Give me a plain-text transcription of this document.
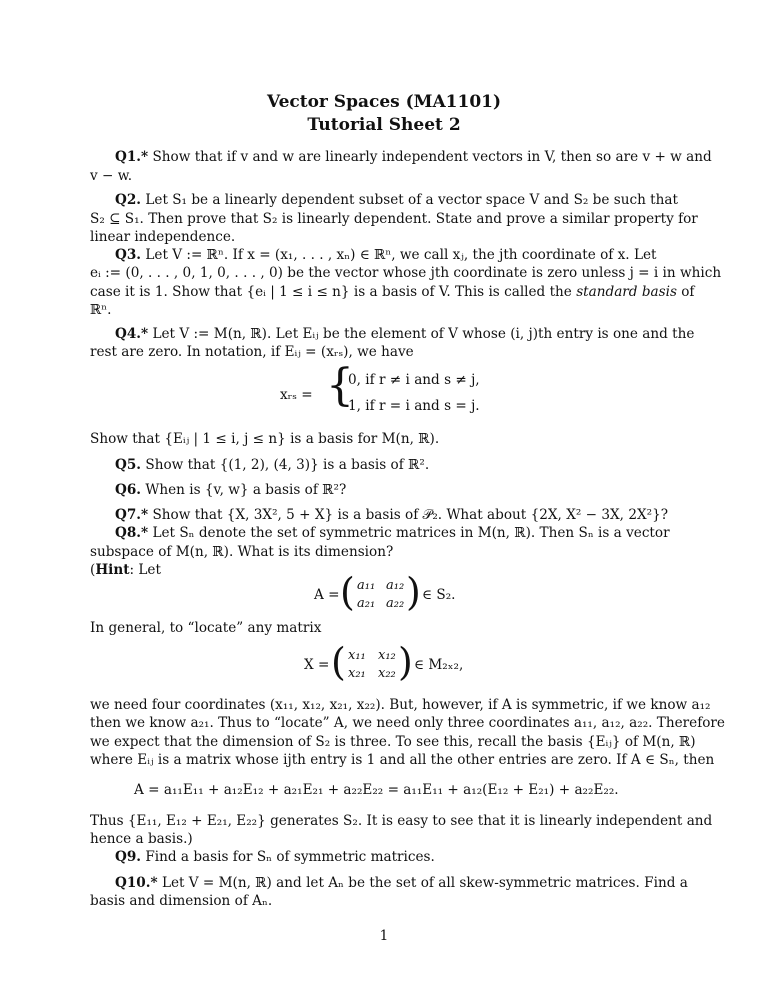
Vector Spaces (MA1101)
Tutorial Sheet 2
Q1.* Show that if v and w are linearly independent vectors in V, then so are v + w and
v − w.
Q2. Let S₁ be a linearly dependent subset of a vector space V and S₂ be such that
S₂ ⊆ S₁. Then prove that S₂ is linearly dependent. State and prove a similar property for
linear independence.
Q3. Let V := ℝⁿ. If x = (x₁, . . . , xₙ) ∈ ℝⁿ, we call xⱼ, the jth coordinate of x. Let
eᵢ := (0, . . . , 0, 1, 0, . . . , 0) be the vector whose jth coordinate is zero unless j = i in which
case it is 1. Show that {eᵢ | 1 ≤ i ≤ n} is a basis of V. This is called the standard basis of
ℝⁿ.
Q4.* Let V := M(n, ℝ). Let Eᵢⱼ be the element of V whose (i, j)th entry is one and the
rest are zero. In notation, if Eᵢⱼ = (xᵣₛ), we have
xᵣₛ = {
0, if r ≠ i and s ≠ j,
1, if r = i and s = j.
Show that {Eᵢⱼ | 1 ≤ i, j ≤ n} is a basis for M(n, ℝ).
Q5. Show that {(1, 2), (4, 3)} is a basis of ℝ².
Q6. When is {v, w} a basis of ℝ²?
Q7.* Show that {X, 3X², 5 + X} is a basis of 𝒫₂. What about {2X, X² − 3X, 2X²}?
Q8.* Let Sₙ denote the set of symmetric matrices in M(n, ℝ). Then Sₙ is a vector
subspace of M(n, ℝ). What is its dimension?
(Hint: Let
A = ( a₁₁ a₁₂
a₂₁ a₂₂ ) ∈ S₂.
In general, to “locate” any matrix
X = ( x₁₁ x₁₂
x₂₁ x₂₂ ) ∈ M₂ₓ₂,
we need four coordinates (x₁₁, x₁₂, x₂₁, x₂₂). But, however, if A is symmetric, if we know a₁₂
then we know a₂₁. Thus to “locate” A, we need only three coordinates a₁₁, a₁₂, a₂₂. Therefore
we expect that the dimension of S₂ is three. To see this, recall the basis {Eᵢⱼ} of M(n, ℝ)
where Eᵢⱼ is a matrix whose ijth entry is 1 and all the other entries are zero. If A ∈ Sₙ, then
A = a₁₁E₁₁ + a₁₂E₁₂ + a₂₁E₂₁ + a₂₂E₂₂ = a₁₁E₁₁ + a₁₂(E₁₂ + E₂₁) + a₂₂E₂₂.
Thus {E₁₁, E₁₂ + E₂₁, E₂₂} generates S₂. It is easy to see that it is linearly independent and
hence a basis.)
Q9. Find a basis for Sₙ of symmetric matrices.
Q10.* Let V = M(n, ℝ) and let Aₙ be the set of all skew-symmetric matrices. Find a
basis and dimension of Aₙ.
1
